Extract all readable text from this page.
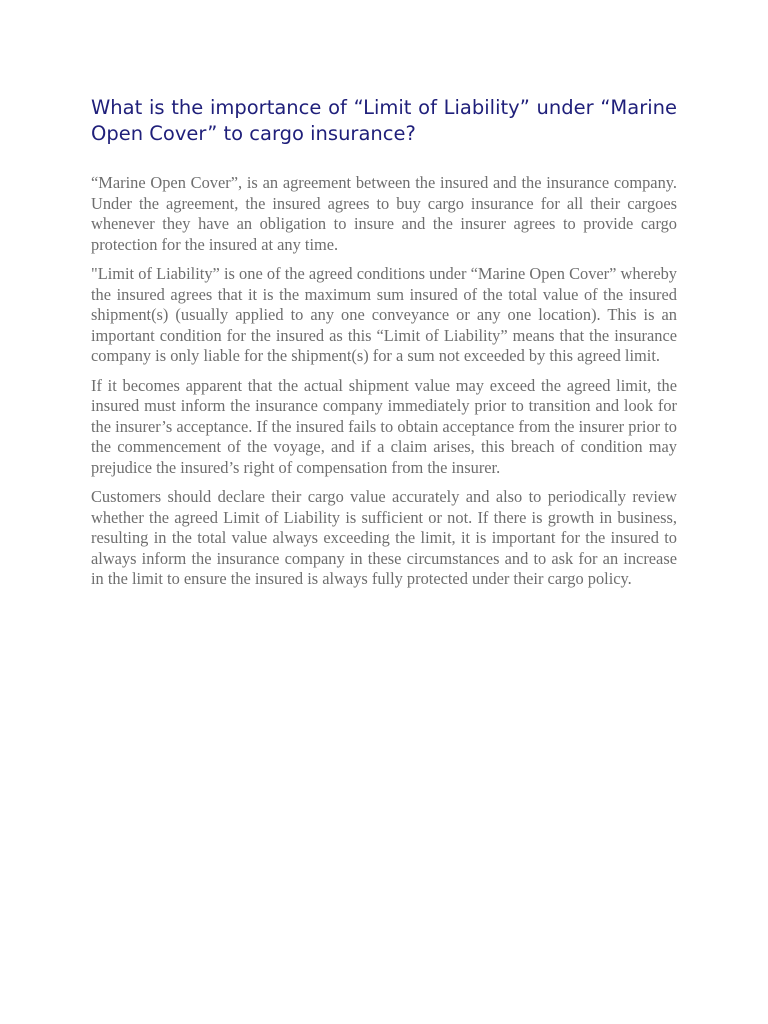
What is the importance of “Limit of Liability” under “Marine Open Cover” to cargo insurance?

“Marine Open Cover”, is an agreement between the insured and the insurance company. Under the agreement, the insured agrees to buy cargo insurance for all their cargoes whenever they have an obligation to insure and the insurer agrees to provide cargo protection for the insured at any time.

"Limit of Liability” is one of the agreed conditions under “Marine Open Cover” whereby the insured agrees that it is the maximum sum insured of the total value of the insured shipment(s) (usually applied to any one conveyance or any one location). This is an important condition for the insured as this “Limit of Liability” means that the insurance company is only liable for the shipment(s) for a sum not exceeded by this agreed limit.

If it becomes apparent that the actual shipment value may exceed the agreed limit, the insured must inform the insurance company immediately prior to transition and look for the insurer’s acceptance. If the insured fails to obtain acceptance from the insurer prior to the commencement of the voyage, and if a claim arises, this breach of condition may prejudice the insured’s right of compensation from the insurer.

Customers should declare their cargo value accurately and also to periodically review whether the agreed Limit of Liability is sufficient or not. If there is growth in business, resulting in the total value always exceeding the limit, it is important for the insured to always inform the insurance company in these circumstances and to ask for an increase in the limit to ensure the insured is always fully protected under their cargo policy.
